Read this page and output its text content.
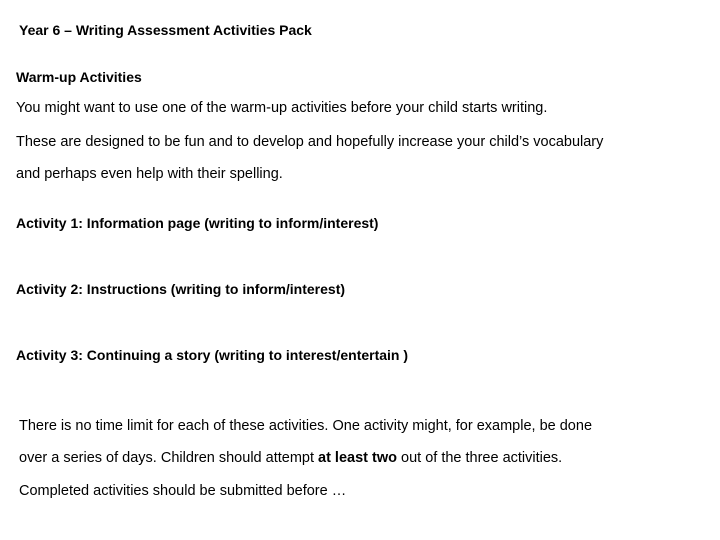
Year 6 – Writing Assessment Activities Pack
Warm-up Activities
You might want to use one of the warm-up activities before your child starts writing.
These are designed to be fun and to develop and hopefully increase your child’s vocabulary
and perhaps even help with their spelling.
Activity 1: Information page (writing to inform/interest)
Activity 2: Instructions (writing to inform/interest)
Activity 3: Continuing a story (writing to interest/entertain )
There is no time limit for each of these activities. One activity might, for example, be done
over a series of days. Children should attempt at least two out of the three activities.
Completed activities should be submitted before …
